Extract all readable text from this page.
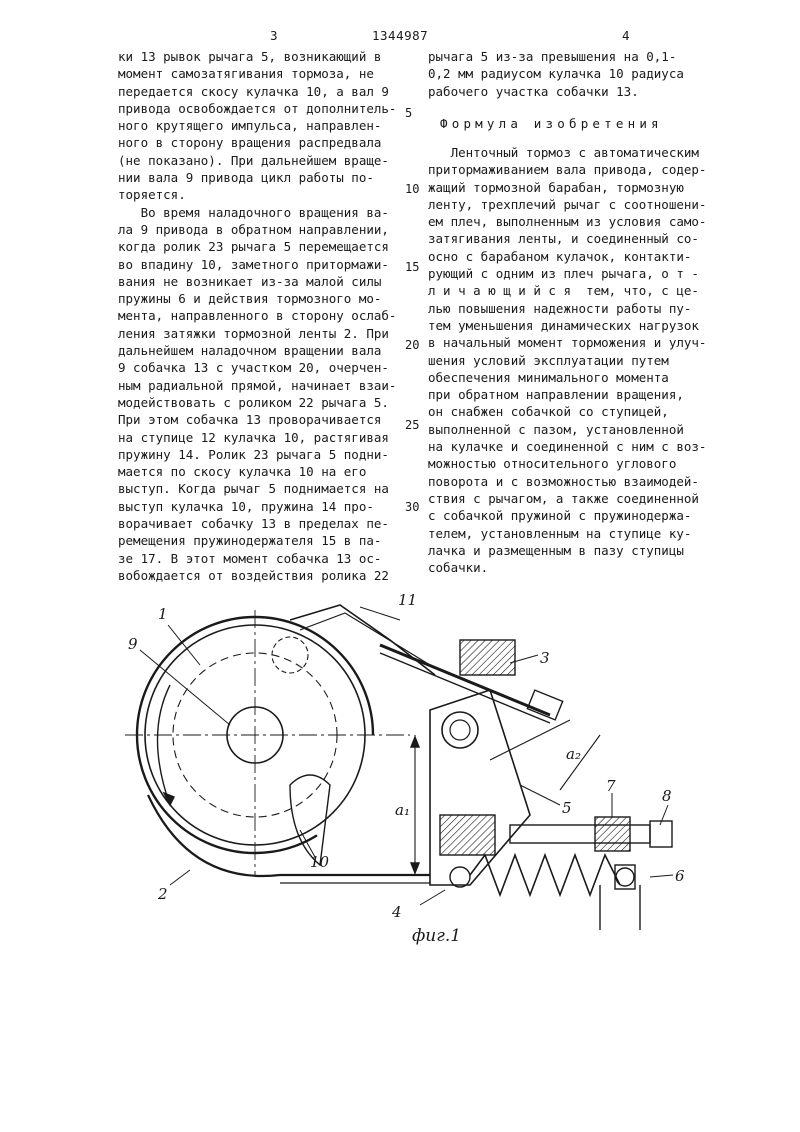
3	1344987	4
ки 13 рывок рычага 5, возникающий в
момент самозатягивания тормоза, не
передается скосу кулачка 10, а вал 9
привода освобождается от дополнитель-
ного крутящего импульса, направлен-
ного в сторону вращения распредвала
(не показано). При дальнейшем враще-
нии вала 9 привода цикл работы по-
торяется.
Во время наладочного вращения ва-
ла 9 привода в обратном направлении,
когда ролик 23 рычага 5 перемещается
во впадину 10, заметного притормажи-
вания не возникает из-за малой силы
пружины 6 и действия тормозного мо-
мента, направленного в сторону ослаб-
ления затяжки тормозной ленты 2. При
дальнейшем наладочном вращении вала
9 собачка 13 с участком 20, очерчен-
ным радиальной прямой, начинает взаи-
модействовать с роликом 22 рычага 5.
При этом собачка 13 проворачивается
на ступице 12 кулачка 10, растягивая
пружину 14. Ролик 23 рычага 5 подни-
мается по скосу кулачка 10 на его
выступ. Когда рычаг 5 поднимается на
выступ кулачка 10, пружина 14 про-
ворачивает собачку 13 в пределах пе-
ремещения пружинодержателя 15 в па-
зе 17. В этот момент собачка 13 ос-
вобождается от воздействия ролика 22
рычага 5 из-за превышения на 0,1-
0,2 мм радиусом кулачка 10 радиуса
рабочего участка собачки 13.
Формула изобретения
Ленточный тормоз с автоматическим
притормаживанием вала привода, содер-
жащий тормозной барабан, тормозную
ленту, трехплечий рычаг с соотношени-
ем плеч, выполненным из условия само-
затягивания ленты, и соединенный со-
осно с барабаном кулачок, контакти-
рующий с одним из плеч рычага, о т -
л и ч а ю щ и й с я  тем, что, с це-
лью повышения надежности работы пу-
тем уменьшения динамических нагрузок
в начальный момент торможения и улуч-
шения условий эксплуатации путем
обеспечения минимального момента
при обратном направлении вращения,
он снабжен собачкой со ступицей,
выполненной с пазом, установленной
на кулачке и соединенной с ним с воз-
можностью относительного углового
поворота и с возможностью взаимодей-
ствия с рычагом, а также соединенной
с собачкой пружиной с пружинодержа-
телем, установленным на ступице ку-
лачка и размещенным в пазу ступицы
собачки.
5
10
15
20
25
30
1
9
11
3
5
10
2
4
7
8
6
a₁
a₂
фиг.1
